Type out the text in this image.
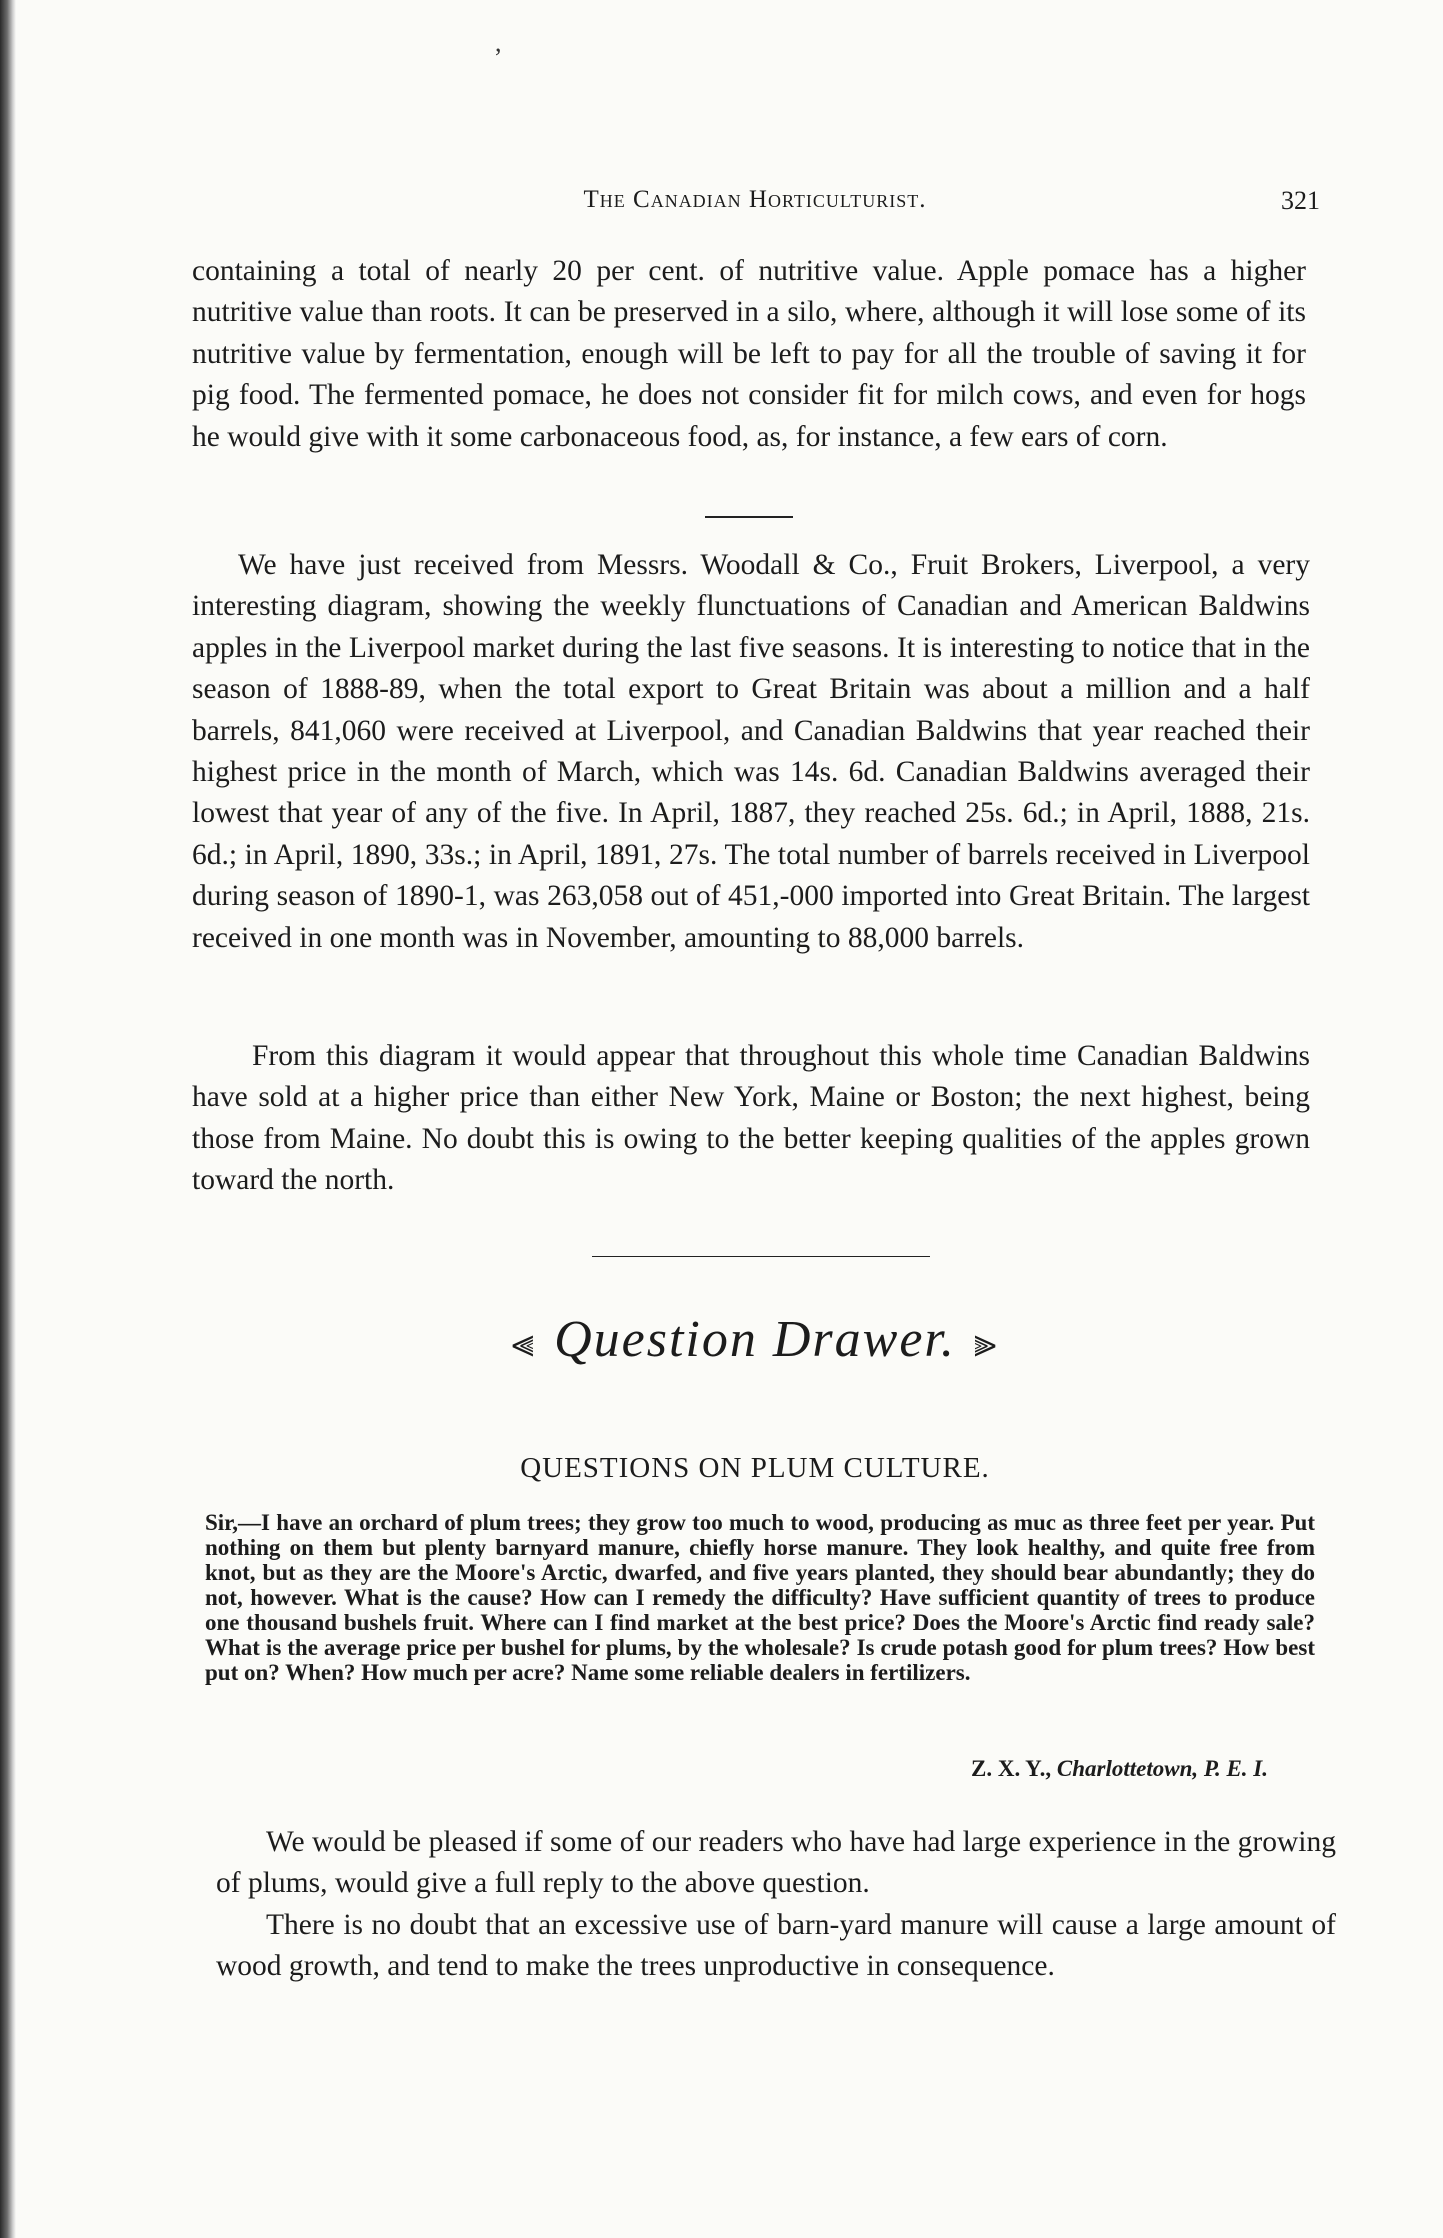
,
The Canadian Horticulturist.	321

containing a total of nearly 20 per cent. of nutritive value. Apple pomace has a higher nutritive value than roots. It can be preserved in a silo, where, although it will lose some of its nutritive value by fermentation, enough will be left to pay for all the trouble of saving it for pig food. The fermented pomace, he does not consider fit for milch cows, and even for hogs he would give with it some carbonaceous food, as, for instance, a few ears of corn.

We have just received from Messrs. Woodall & Co., Fruit Brokers, Liverpool, a very interesting diagram, showing the weekly flunctuations of Canadian and American Baldwins apples in the Liverpool market during the last five seasons. It is interesting to notice that in the season of 1888-89, when the total export to Great Britain was about a million and a half barrels, 841,060 were received at Liverpool, and Canadian Baldwins that year reached their highest price in the month of March, which was 14s. 6d. Canadian Baldwins averaged their lowest that year of any of the five. In April, 1887, they reached 25s. 6d.; in April, 1888, 21s. 6d.; in April, 1890, 33s.; in April, 1891, 27s. The total number of barrels received in Liverpool during season of 1890-1, was 263,058 out of 451,-000 imported into Great Britain. The largest received in one month was in November, amounting to 88,000 barrels.

From this diagram it would appear that throughout this whole time Canadian Baldwins have sold at a higher price than either New York, Maine or Boston; the next highest, being those from Maine. No doubt this is owing to the better keeping qualities of the apples grown toward the north.

⫷ Question Drawer. ⫸
QUESTIONS ON PLUM CULTURE.

Sir,—I have an orchard of plum trees; they grow too much to wood, producing as muc as three feet per year. Put nothing on them but plenty barnyard manure, chiefly horse manure. They look healthy, and quite free from knot, but as they are the Moore's Arctic, dwarfed, and five years planted, they should bear abundantly; they do not, however. What is the cause? How can I remedy the difficulty? Have sufficient quantity of trees to produce one thousand bushels fruit. Where can I find market at the best price? Does the Moore's Arctic find ready sale? What is the average price per bushel for plums, by the wholesale? Is crude potash good for plum trees? How best put on? When? How much per acre? Name some reliable dealers in fertilizers.

Z. X. Y., Charlottetown, P. E. I.

We would be pleased if some of our readers who have had large experience in the growing of plums, would give a full reply to the above question.

There is no doubt that an excessive use of barn-yard manure will cause a large amount of wood growth, and tend to make the trees unproductive in consequence.
